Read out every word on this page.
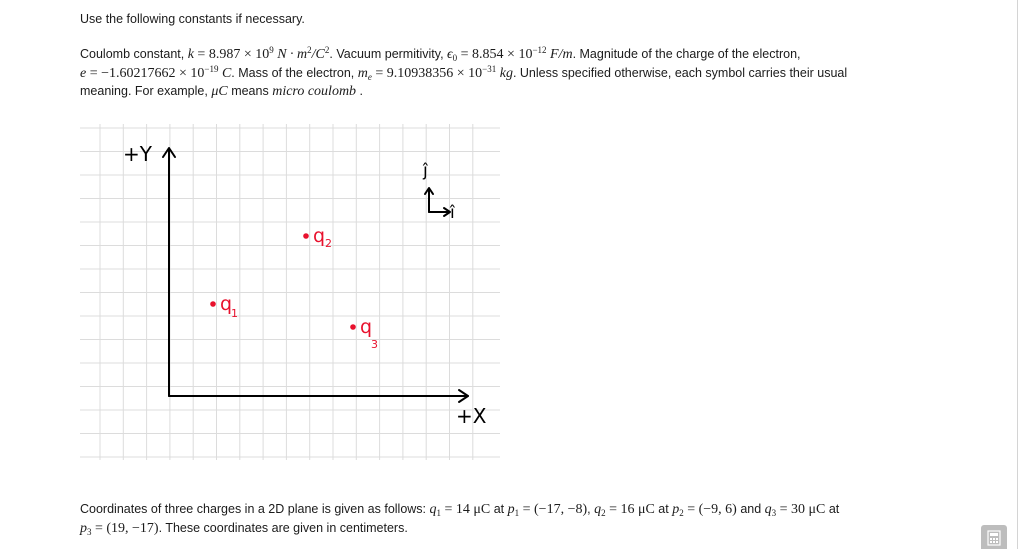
Use the following constants if necessary.
Coulomb constant, $k = 8.987 \times 10^9$ $N \cdot m^2/C^2$. Vacuum permitivity, $\epsilon_0 = 8.854 \times 10^{-12}$ F/m. Magnitude of the charge of the electron,
$e = -1.60217662 \times 10^{-19}$ C. Mass of the electron, $m_e = 9.10938356 \times 10^{-31}$ kg. Unless specified otherwise, each symbol carries their usual
meaning. For example, μC means micro coulomb .
+Y
+X
ĵ
î
q
1
q 2
q
3
Coordinates of three charges in a 2D plane is given as follows: $q_1 = 14$ μC at $p_1 = (-17$, −8), $q_2 = 16$ μC at $p_2 = (-9$, 6) and $q_3 = 30$ μC at
$p_3 = (19$, −17). These coordinates are given in centimeters.
